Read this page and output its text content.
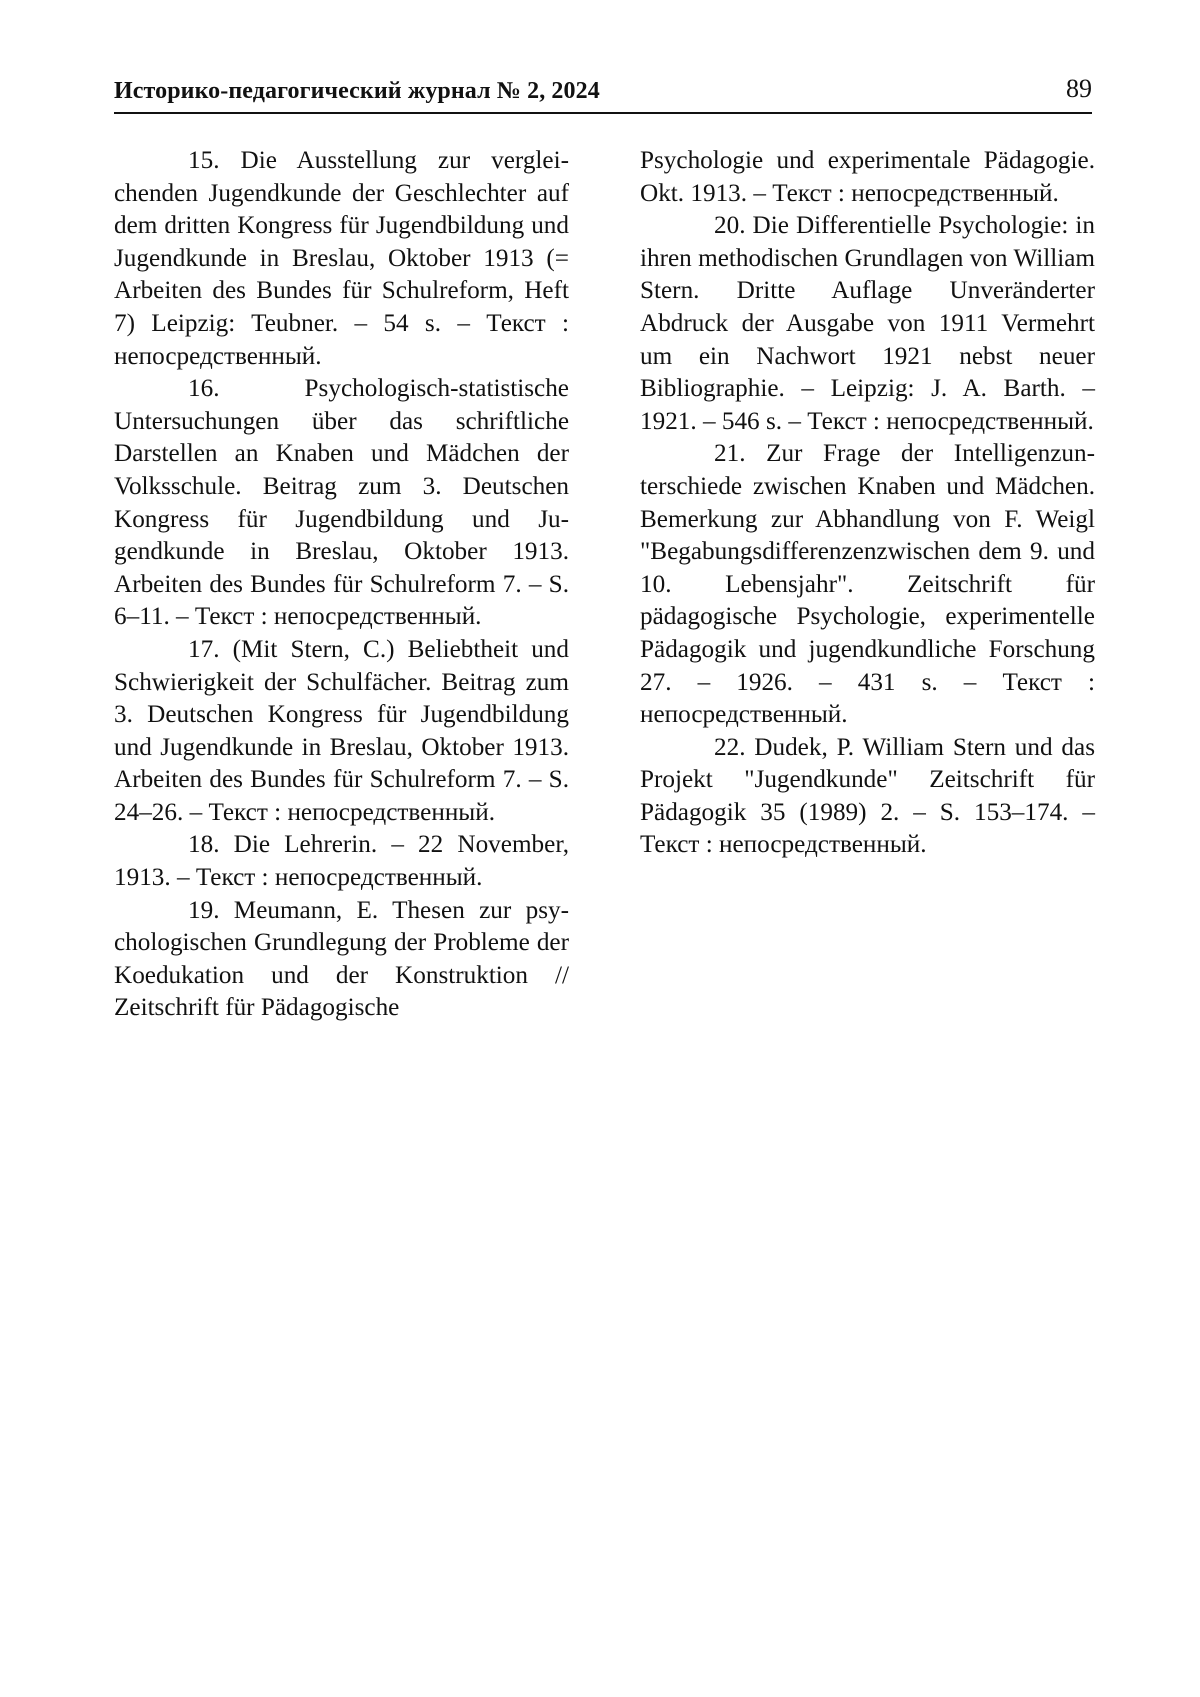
Историко-педагогический журнал № 2, 2024	89

15. Die Ausstellung zur vergleichenden Jugendkunde der Geschlechter auf dem dritten Kongress für Jugendbildung und Jugendkunde in Breslau, Oktober 1913 (= Arbeiten des Bundes für Schulreform, Heft 7) Leipzig: Teubner. – 54 s. – Текст : непосредственный.

16. Psychologisch-statistische Untersuchungen über das schriftliche Darstellen an Knaben und Mädchen der Volksschule. Beitrag zum 3. Deutschen Kongress für Jugendbildung und Jugendkunde in Breslau, Oktober 1913. Arbeiten des Bundes für Schulreform 7. – S. 6–11. – Текст : непосредственный.

17. (Mit Stern, C.) Beliebtheit und Schwierigkeit der Schulfächer. Beitrag zum 3. Deutschen Kongress für Jugendbildung und Jugendkunde in Breslau, Oktober 1913. Arbeiten des Bundes für Schulreform 7. – S. 24–26. – Текст : непосредственный.

18. Die Lehrerin. – 22 November, 1913. – Текст : непосредственный.

19. Meumann, E. Thesen zur psychologischen Grundlegung der Probleme der Koedukation und der Konstruktion // Zeitschrift für Pädagogische

Psychologie und experimentale Pädagogie. Okt. 1913. – Текст : непосредственный.

20. Die Differentielle Psychologie: in ihren methodischen Grundlagen von William Stern. Dritte Auflage Unveränderter Abdruck der Ausgabe von 1911 Vermehrt um ein Nachwort 1921 nebst neuer Bibliographie. – Leipzig: J. A. Barth. – 1921. – 546 s. – Текст : непосредственный.

21. Zur Frage der Intelligenzunterschiede zwischen Knaben und Mädchen. Bemerkung zur Abhandlung von F. Weigl "Begabungsdifferenzenzwischen dem 9. und 10. Lebensjahr". Zeitschrift für pädagogische Psychologie, experimentelle Pädagogik und jugendkundliche Forschung 27. – 1926. – 431 s. – Текст : непосредственный.

22. Dudek, P. William Stern und das Projekt "Jugendkunde" Zeitschrift für Pädagogik 35 (1989) 2. – S. 153–174. – Текст : непосредственный.
